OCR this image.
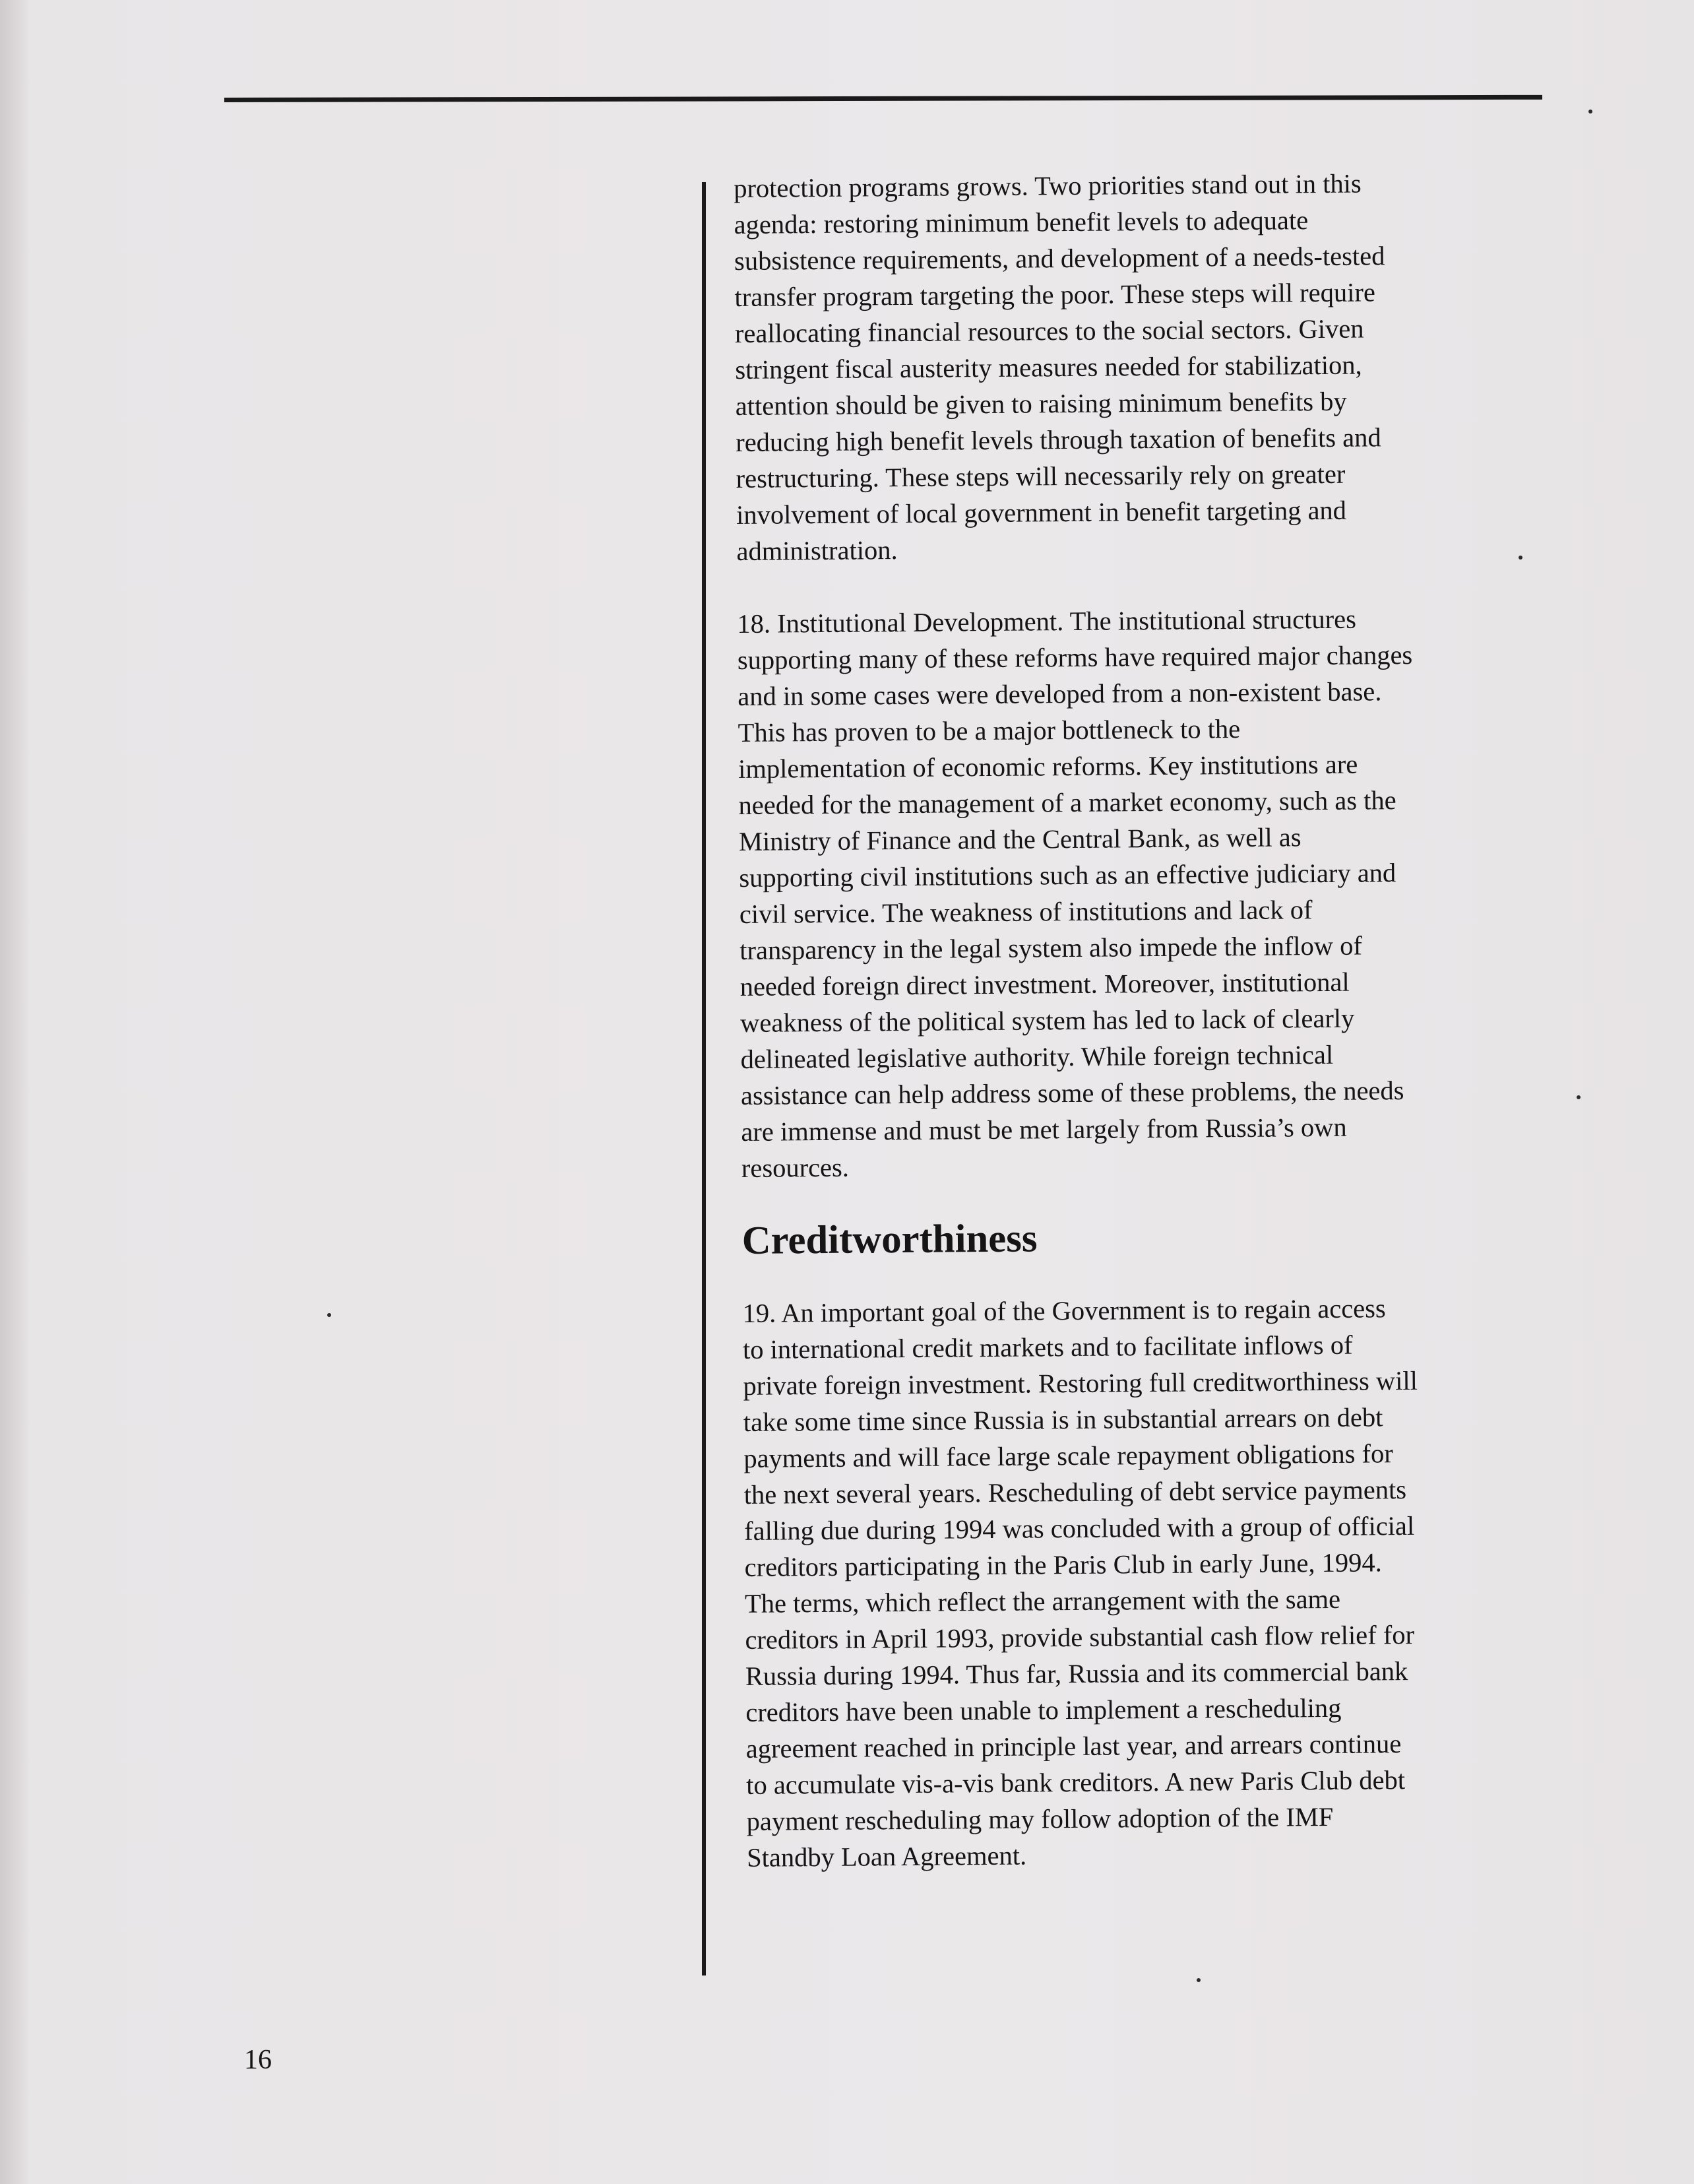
protection programs grows. Two priorities stand out in this
agenda: restoring minimum benefit levels to adequate
subsistence requirements, and development of a needs-tested
transfer program targeting the poor. These steps will require
reallocating financial resources to the social sectors. Given
stringent fiscal austerity measures needed for stabilization,
attention should be given to raising minimum benefits by
reducing high benefit levels through taxation of benefits and
restructuring. These steps will necessarily rely on greater
involvement of local government in benefit targeting and
administration.

18. Institutional Development. The institutional structures
supporting many of these reforms have required major changes
and in some cases were developed from a non-existent base.
This has proven to be a major bottleneck to the
implementation of economic reforms. Key institutions are
needed for the management of a market economy, such as the
Ministry of Finance and the Central Bank, as well as
supporting civil institutions such as an effective judiciary and
civil service. The weakness of institutions and lack of
transparency in the legal system also impede the inflow of
needed foreign direct investment. Moreover, institutional
weakness of the political system has led to lack of clearly
delineated legislative authority. While foreign technical
assistance can help address some of these problems, the needs
are immense and must be met largely from Russia’s own
resources.

Creditworthiness

19. An important goal of the Government is to regain access
to international credit markets and to facilitate inflows of
private foreign investment. Restoring full creditworthiness will
take some time since Russia is in substantial arrears on debt
payments and will face large scale repayment obligations for
the next several years. Rescheduling of debt service payments
falling due during 1994 was concluded with a group of official
creditors participating in the Paris Club in early June, 1994.
The terms, which reflect the arrangement with the same
creditors in April 1993, provide substantial cash flow relief for
Russia during 1994. Thus far, Russia and its commercial bank
creditors have been unable to implement a rescheduling
agreement reached in principle last year, and arrears continue
to accumulate vis-a-vis bank creditors. A new Paris Club debt
payment rescheduling may follow adoption of the IMF
Standby Loan Agreement.

16
